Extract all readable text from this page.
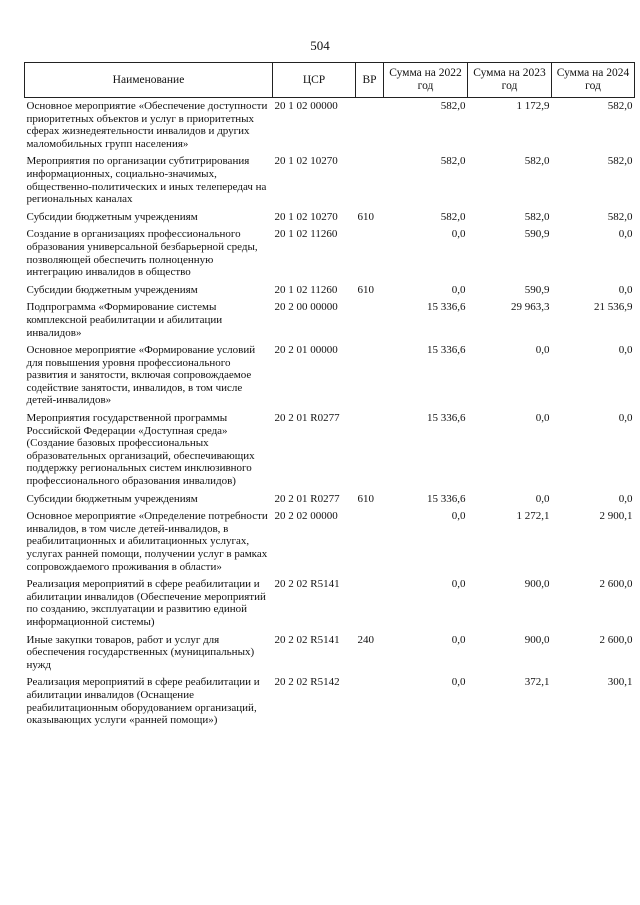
504
Наименование	ЦСР	ВР	Сумма на 2022 год	Сумма на 2023 год	Сумма на 2024 год
Основное мероприятие «Обеспечение доступности приоритетных объектов и услуг в приоритетных сферах жизнедеятельности инвалидов и других маломобильных групп населения»	20 1 02 00000		582,0	1 172,9	582,0
Мероприятия по организации субтитрирования информационных, социально-значимых, общественно-политических и иных телепередач на региональных каналах	20 1 02 10270		582,0	582,0	582,0
Субсидии бюджетным учреждениям	20 1 02 10270	610	582,0	582,0	582,0
Создание в организациях профессионального образования универсальной безбарьерной среды, позволяющей обеспечить полноценную интеграцию инвалидов в общество	20 1 02 11260		0,0	590,9	0,0
Субсидии бюджетным учреждениям	20 1 02 11260	610	0,0	590,9	0,0
Подпрограмма «Формирование системы комплексной реабилитации и абилитации инвалидов»	20 2 00 00000		15 336,6	29 963,3	21 536,9
Основное мероприятие «Формирование условий для повышения уровня профессионального развития и занятости, включая сопровождаемое содействие занятости, инвалидов, в том числе детей-инвалидов»	20 2 01 00000		15 336,6	0,0	0,0
Мероприятия государственной программы Российской Федерации «Доступная среда» (Создание базовых профессиональных образовательных организаций, обеспечивающих поддержку региональных систем инклюзивного профессионального образования инвалидов)	20 2 01 R0277		15 336,6	0,0	0,0
Субсидии бюджетным учреждениям	20 2 01 R0277	610	15 336,6	0,0	0,0
Основное мероприятие «Определение потребности инвалидов, в том числе детей-инвалидов, в реабилитационных и абилитационных услугах, услугах ранней помощи, получении услуг в рамках сопровождаемого проживания в области»	20 2 02 00000		0,0	1 272,1	2 900,1
Реализация мероприятий в сфере реабилитации и абилитации инвалидов (Обеспечение мероприятий по созданию, эксплуатации и развитию единой информационной системы)	20 2 02 R5141		0,0	900,0	2 600,0
Иные закупки товаров, работ и услуг для обеспечения государственных (муниципальных) нужд	20 2 02 R5141	240	0,0	900,0	2 600,0
Реализация мероприятий в сфере реабилитации и абилитации инвалидов (Оснащение реабилитационным оборудованием организаций, оказывающих услуги «ранней помощи»)	20 2 02 R5142		0,0	372,1	300,1
